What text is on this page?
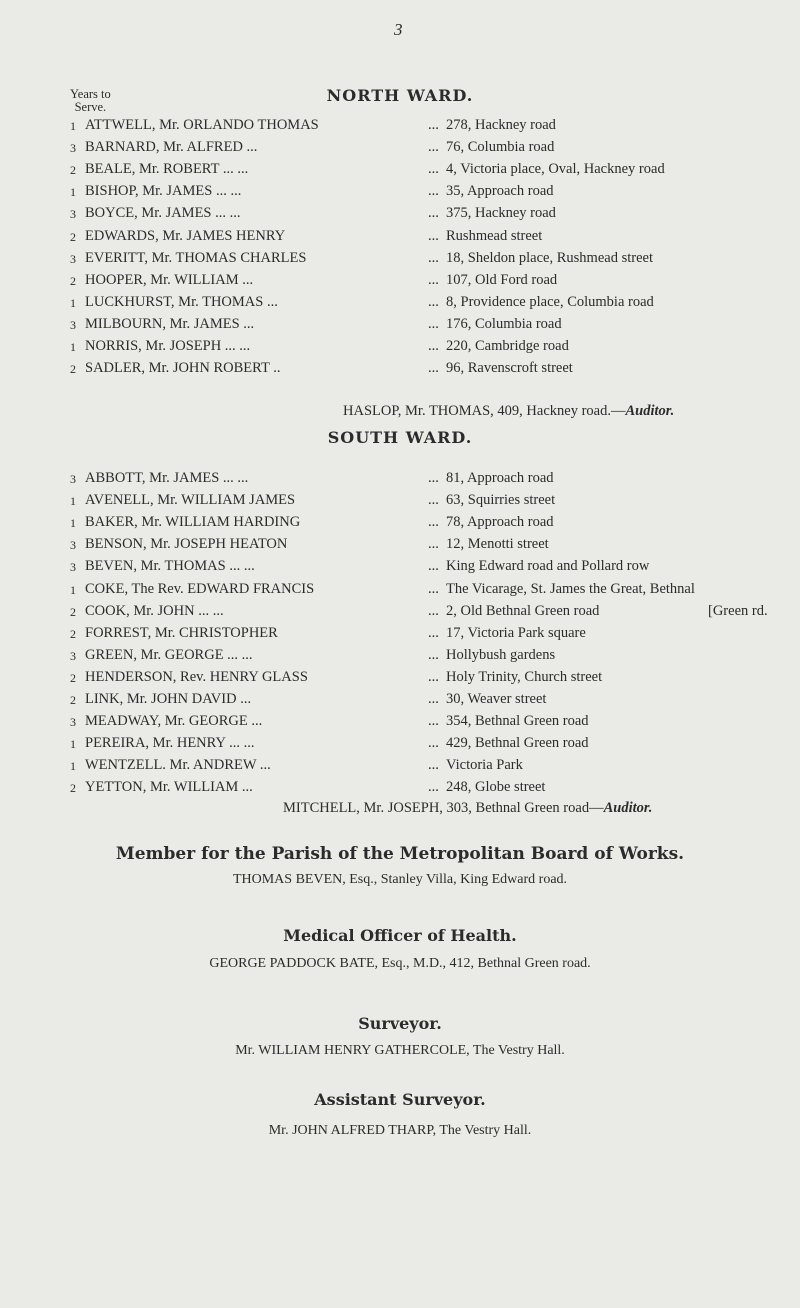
3
Years to
Serve.
NORTH WARD.
1 ATTWELL, Mr. ORLANDO THOMAS	... 278, Hackney road
3 BARNARD, Mr. ALFRED ...	... 76, Columbia road
2 BEALE, Mr. ROBERT ... ...	... 4, Victoria place, Oval, Hackney road
1 BISHOP, Mr. JAMES ... ...	... 35, Approach road
3 BOYCE, Mr. JAMES ... ...	... 375, Hackney road
2 EDWARDS, Mr. JAMES HENRY	... Rushmead street
3 EVERITT, Mr. THOMAS CHARLES	... 18, Sheldon place, Rushmead street
2 HOOPER, Mr. WILLIAM ...	... 107, Old Ford road
1 LUCKHURST, Mr. THOMAS ...	... 8, Providence place, Columbia road
3 MILBOURN, Mr. JAMES ...	... 176, Columbia road
1 NORRIS, Mr. JOSEPH ... ...	... 220, Cambridge road
2 SADLER, Mr. JOHN ROBERT ..	... 96, Ravenscroft street
HASLOP, Mr. THOMAS, 409, Hackney road.—Auditor.
SOUTH WARD.
3 ABBOTT, Mr. JAMES ... ...	... 81, Approach road
1 AVENELL, Mr. WILLIAM JAMES	... 63, Squirries street
1 BAKER, Mr. WILLIAM HARDING	... 78, Approach road
3 BENSON, Mr. JOSEPH HEATON	... 12, Menotti street
3 BEVEN, Mr. THOMAS ... ...	... King Edward road and Pollard row
1 COKE, The Rev. EDWARD FRANCIS	... The Vicarage, St. James the Great, Bethnal
2 COOK, Mr. JOHN ... ...	... 2, Old Bethnal Green road	[Green rd.
2 FORREST, Mr. CHRISTOPHER	... 17, Victoria Park square
3 GREEN, Mr. GEORGE ... ...	... Hollybush gardens
2 HENDERSON, Rev. HENRY GLASS	... Holy Trinity, Church street
2 LINK, Mr. JOHN DAVID ...	... 30, Weaver street
3 MEADWAY, Mr. GEORGE ...	... 354, Bethnal Green road
1 PEREIRA, Mr. HENRY ... ...	... 429, Bethnal Green road
1 WENTZELL. Mr. ANDREW ...	... Victoria Park
2 YETTON, Mr. WILLIAM ...	... 248, Globe street
MITCHELL, Mr. JOSEPH, 303, Bethnal Green road—Auditor.
Member for the Parish of the Metropolitan Board of Works.
THOMAS BEVEN, Esq., Stanley Villa, King Edward road.
Medical Officer of Health.
GEORGE PADDOCK BATE, Esq., M.D., 412, Bethnal Green road.
Surveyor.
Mr. WILLIAM HENRY GATHERCOLE, The Vestry Hall.
Assistant Surveyor.
Mr. JOHN ALFRED THARP, The Vestry Hall.
